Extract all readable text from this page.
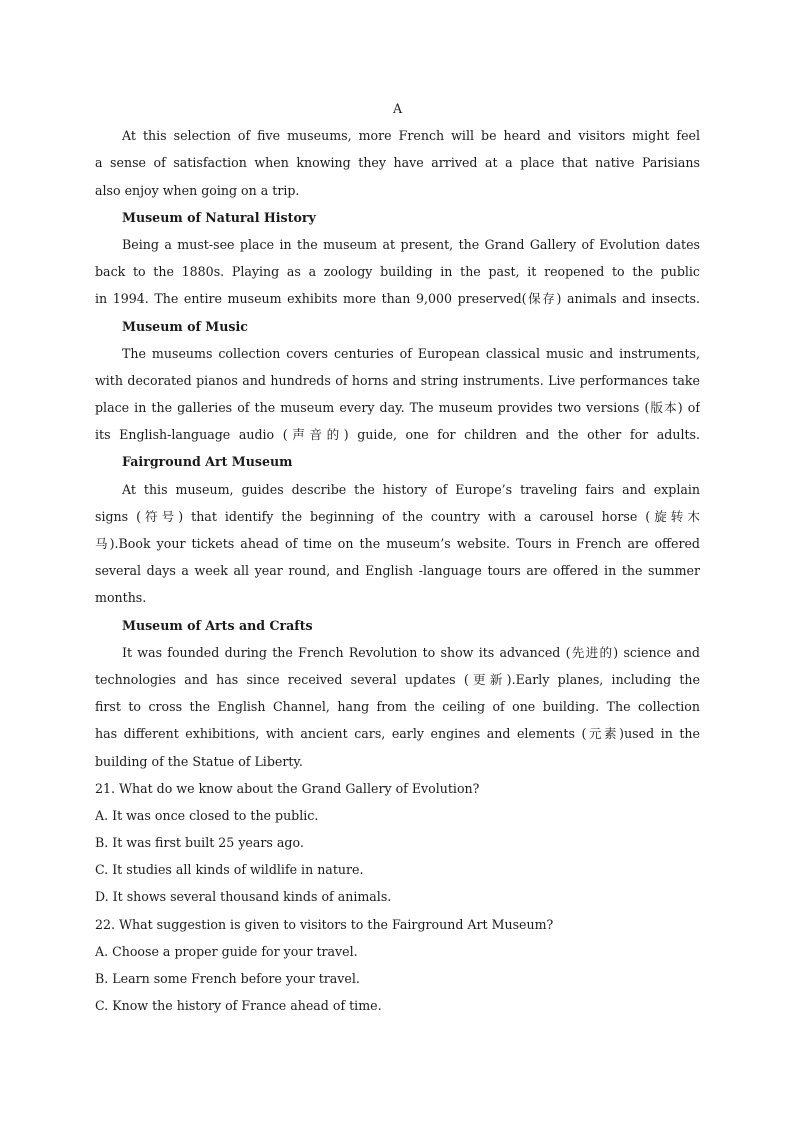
A
At this selection of five museums, more French will be heard and visitors might feel
a sense of satisfaction when knowing they have arrived at a place that native Parisians
also enjoy when going on a trip.
Museum of Natural History
Being a must-see place in the museum at present, the Grand Gallery of Evolution dates
back to the 1880s. Playing as a zoology building in the past, it reopened to the public
in 1994. The entire museum exhibits more than 9,000 preserved(保存) animals and insects.
Museum of Music
The museums collection covers centuries of European classical music and instruments,
with decorated pianos and hundreds of horns and string instruments. Live performances take
place in the galleries of the museum every day. The museum provides two versions (版本) of
its English-language audio (声音的) guide, one for children and the other for adults.
Fairground Art Museum
At this museum, guides describe the history of Europe’s traveling fairs and explain
signs (符号) that identify the beginning of the country with a carousel horse (旋转木
马).Book your tickets ahead of time on the museum’s website. Tours in French are offered
several days a week all year round, and English -language tours are offered in the summer
months.
Museum of Arts and Crafts
It was founded during the French Revolution to show its advanced (先进的) science and
technologies and has since received several updates (更新).Early planes, including the
first to cross the English Channel, hang from the ceiling of one building. The collection
has different exhibitions, with ancient cars, early engines and elements (元素)used in the
building of the Statue of Liberty.
21. What do we know about the Grand Gallery of Evolution?
A. It was once closed to the public.
B. It was first built 25 years ago.
C. It studies all kinds of wildlife in nature.
D. It shows several thousand kinds of animals.
22. What suggestion is given to visitors to the Fairground Art Museum?
A. Choose a proper guide for your travel.
B. Learn some French before your travel.
C. Know the history of France ahead of time.
